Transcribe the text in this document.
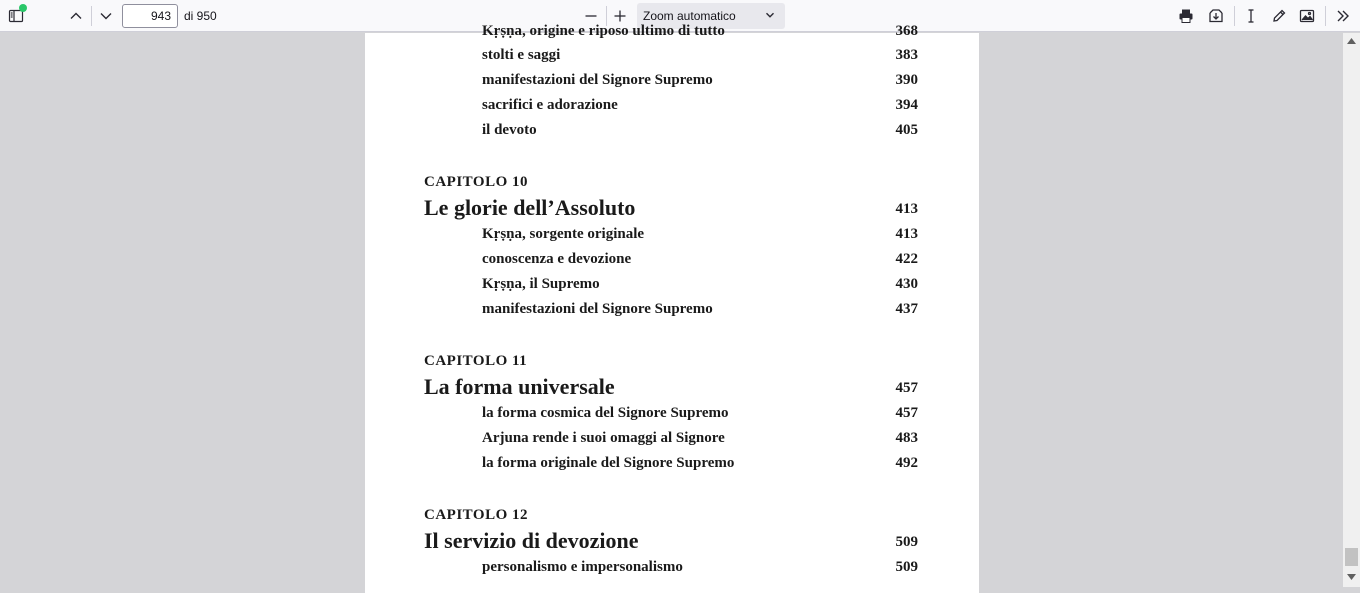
943
di 950	Zoom automatico
Kṛṣṇa, origine e riposo ultimo di tutto	368
stolti e saggi	383
manifestazioni del Signore Supremo	390
sacrifici e adorazione	394
il devoto	405
CAPITOLO 10
Le glorie dell’Assoluto	413
Kṛṣṇa, sorgente originale	413
conoscenza e devozione	422
Kṛṣṇa, il Supremo	430
manifestazioni del Signore Supremo	437
CAPITOLO 11
La forma universale	457
la forma cosmica del Signore Supremo	457
Arjuna rende i suoi omaggi al Signore	483
la forma originale del Signore Supremo	492
CAPITOLO 12
Il servizio di devozione	509
personalismo e impersonalismo	509
